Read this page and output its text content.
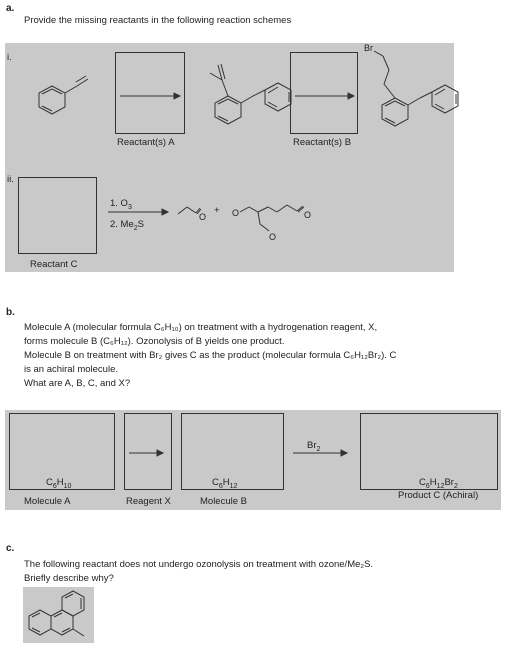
a.
Provide the missing reactants in the following reaction schemes
i.
Reactant(s) A	Reactant(s) B
Br
ii.
Reactant C
1. $O_3$
2. $Me_2S$
+
O	O	O
O
b.
Molecule A (molecular formula C₆H₁₀) on treatment with a hydrogenation reagent, X,
forms molecule B (C₆H₁₂). Ozonolysis of B yields one product.
Molecule B on treatment with Br₂ gives C as the product (molecular formula C₆H₁₂Br₂). C
is an achiral molecule.
What are A, B, C, and X?
$Br_2$
$C_6H_{10}$
Molecule A	Reagent X
$C_6H_{12}$
Molecule B
$C_6H_{12}Br_2$
Product C (Achiral)
c.
The following reactant does not undergo ozonolysis on treatment with ozone/Me₂S.
Briefly describe why?
